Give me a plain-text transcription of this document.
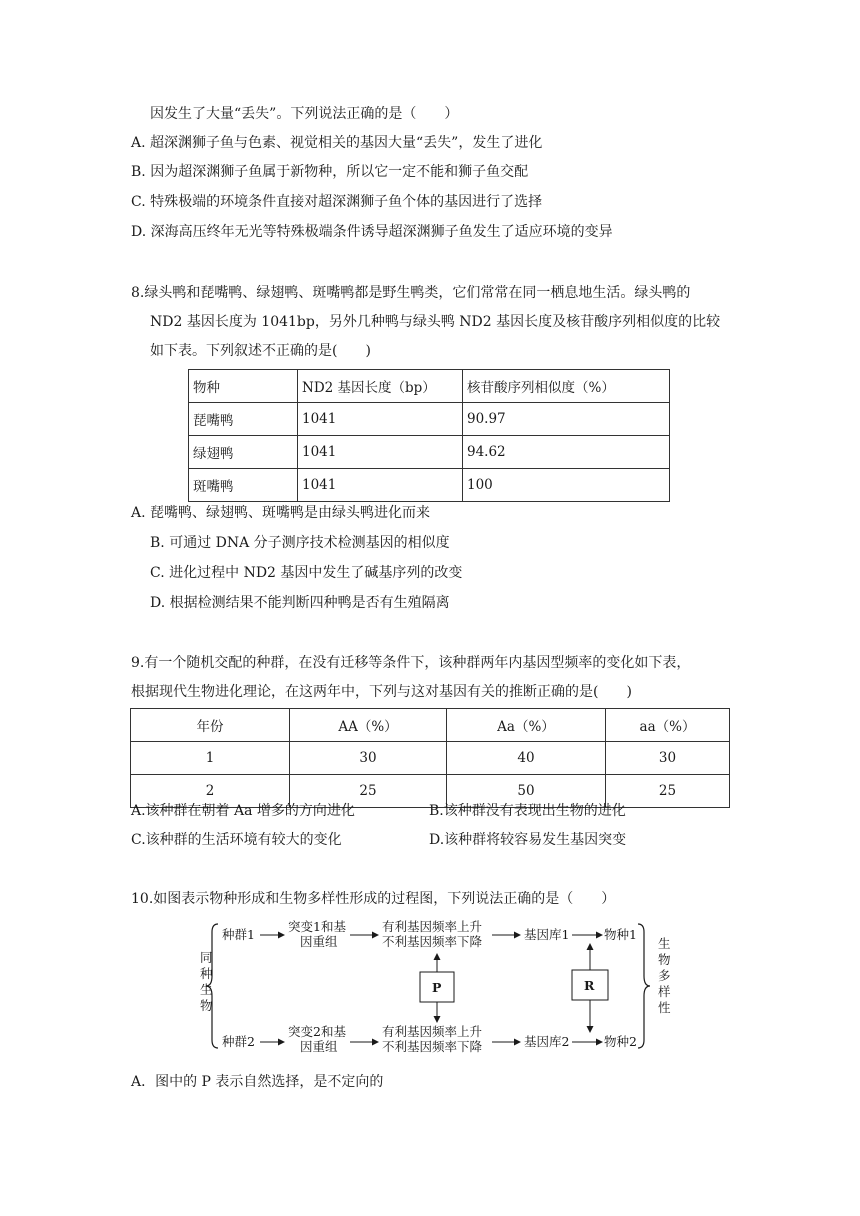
因发生了大量“丢失”。下列说法正确的是（　　）
A. 超深渊狮子鱼与色素、视觉相关的基因大量“丢失”，发生了进化
B. 因为超深渊狮子鱼属于新物种，所以它一定不能和狮子鱼交配
C. 特殊极端的环境条件直接对超深渊狮子鱼个体的基因进行了选择
D. 深海高压终年无光等特殊极端条件诱导超深渊狮子鱼发生了适应环境的变异
8.绿头鸭和琵嘴鸭、绿翅鸭、斑嘴鸭都是野生鸭类，它们常常在同一栖息地生活。绿头鸭的
ND2 基因长度为 1041bp，另外几种鸭与绿头鸭 ND2 基因长度及核苷酸序列相似度的比较
如下表。下列叙述不正确的是(　　)
物种	ND2 基因长度（bp）	核苷酸序列相似度（%）
琵嘴鸭	1041	90.97
绿翅鸭	1041	94.62
斑嘴鸭	1041	100
A. 琵嘴鸭、绿翅鸭、斑嘴鸭是由绿头鸭进化而来
B. 可通过 DNA 分子测序技术检测基因的相似度
C. 进化过程中 ND2 基因中发生了碱基序列的改变
D. 根据检测结果不能判断四种鸭是否有生殖隔离
9.有一个随机交配的种群，在没有迁移等条件下，该种群两年内基因型频率的变化如下表，
根据现代生物进化理论，在这两年中，下列与这对基因有关的推断正确的是(　　)
年份	AA（%）	Aa（%）	aa（%）
1	30	40	30
2	25	50	25
A.该种群在朝着 Aa 增多的方向进化	B.该种群没有表现出生物的进化
C.该种群的生活环境有较大的变化	D.该种群将较容易发生基因突变
10.如图表示物种形成和生物多样性形成的过程图，下列说法正确的是（　　）
同种生物
生物多样性
种群1
突变1和基
因重组
有利基因频率上升
不利基因频率下降	基因库1	物种1
种群2
突变2和基
因重组
有利基因频率上升
不利基因频率下降	基因库2	物种2
P	R
A．图中的 P 表示自然选择，是不定向的
